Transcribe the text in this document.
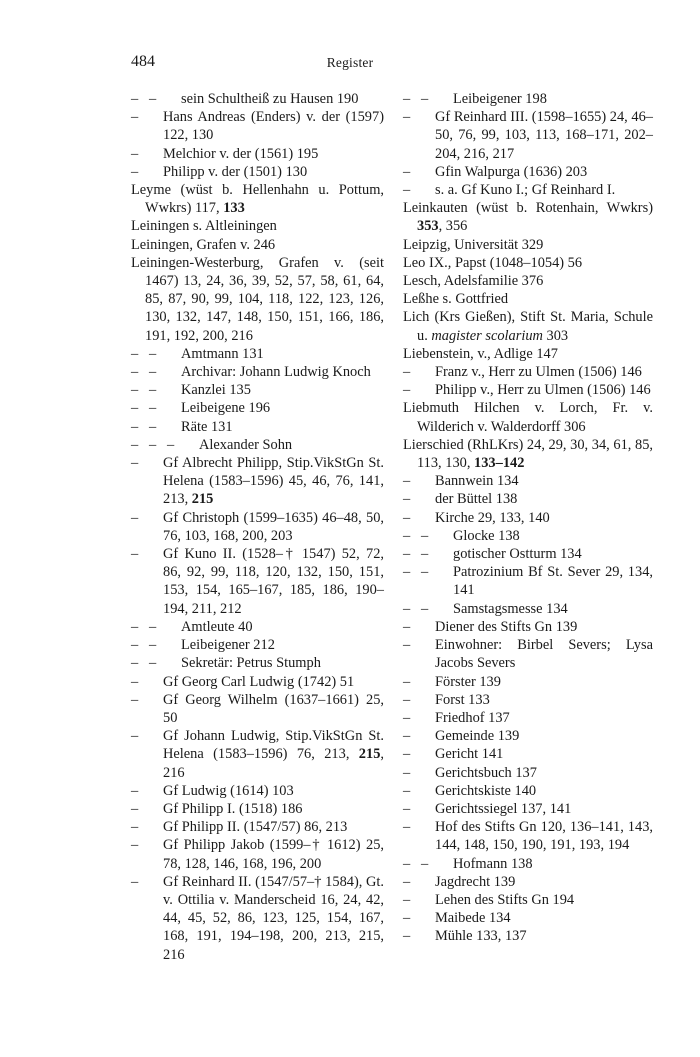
484	Register
– – sein Schultheiß zu Hausen 190
– Hans Andreas (Enders) v. der (1597) 122, 130
– Melchior v. der (1561) 195
– Philipp v. der (1501) 130
Leyme (wüst b. Hellenhahn u. Pottum, Wwkrs) 117, 133
Leiningen s. Altleiningen
Leiningen, Grafen v. 246
Leiningen-Westerburg, Grafen v. (seit 1467) 13, 24, 36, 39, 52, 57, 58, 61, 64, 85, 87, 90, 99, 104, 118, 122, 123, 126, 130, 132, 147, 148, 150, 151, 166, 186, 191, 192, 200, 216
– – Amtmann 131
– – Archivar: Johann Ludwig Knoch
– – Kanzlei 135
– – Leibeigene 196
– – Räte 131
– – – Alexander Sohn
– Gf Albrecht Philipp, Stip.VikStGn St. Helena (1583–1596) 45, 46, 76, 141, 213, 215
– Gf Christoph (1599–1635) 46–48, 50, 76, 103, 168, 200, 203
– Gf Kuno II. (1528–† 1547) 52, 72, 86, 92, 99, 118, 120, 132, 150, 151, 153, 154, 165–167, 185, 186, 190–194, 211, 212
– – Amtleute 40
– – Leibeigener 212
– – Sekretär: Petrus Stumph
– Gf Georg Carl Ludwig (1742) 51
– Gf Georg Wilhelm (1637–1661) 25, 50
– Gf Johann Ludwig, Stip.VikStGn St. Helena (1583–1596) 76, 213, 215, 216
– Gf Ludwig (1614) 103
– Gf Philipp I. (1518) 186
– Gf Philipp II. (1547/57) 86, 213
– Gf Philipp Jakob (1599–† 1612) 25, 78, 128, 146, 168, 196, 200
– Gf Reinhard II. (1547/57–† 1584), Gt. v. Ottilia v. Manderscheid 16, 24, 42, 44, 45, 52, 86, 123, 125, 154, 167, 168, 191, 194–198, 200, 213, 215, 216
– – Leibeigener 198
– Gf Reinhard III. (1598–1655) 24, 46–50, 76, 99, 103, 113, 168–171, 202–204, 216, 217
– Gfin Walpurga (1636) 203
– s. a. Gf Kuno I.; Gf Reinhard I.
Leinkauten (wüst b. Rotenhain, Wwkrs) 353, 356
Leipzig, Universität 329
Leo IX., Papst (1048–1054) 56
Lesch, Adelsfamilie 376
Leßhe s. Gottfried
Lich (Krs Gießen), Stift St. Maria, Schule u. magister scolarium 303
Liebenstein, v., Adlige 147
– Franz v., Herr zu Ulmen (1506) 146
– Philipp v., Herr zu Ulmen (1506) 146
Liebmuth Hilchen v. Lorch, Fr. v. Wilderich v. Walderdorff 306
Lierschied (RhLKrs) 24, 29, 30, 34, 61, 85, 113, 130, 133–142
– Bannwein 134
– der Büttel 138
– Kirche 29, 133, 140
– – Glocke 138
– – gotischer Ostturm 134
– – Patrozinium Bf St. Sever 29, 134, 141
– – Samstagsmesse 134
– Diener des Stifts Gn 139
– Einwohner: Birbel Severs; Lysa Jacobs Severs
– Förster 139
– Forst 133
– Friedhof 137
– Gemeinde 139
– Gericht 141
– Gerichtsbuch 137
– Gerichtskiste 140
– Gerichtssiegel 137, 141
– Hof des Stifts Gn 120, 136–141, 143, 144, 148, 150, 190, 191, 193, 194
– – Hofmann 138
– Jagdrecht 139
– Lehen des Stifts Gn 194
– Maibede 134
– Mühle 133, 137
